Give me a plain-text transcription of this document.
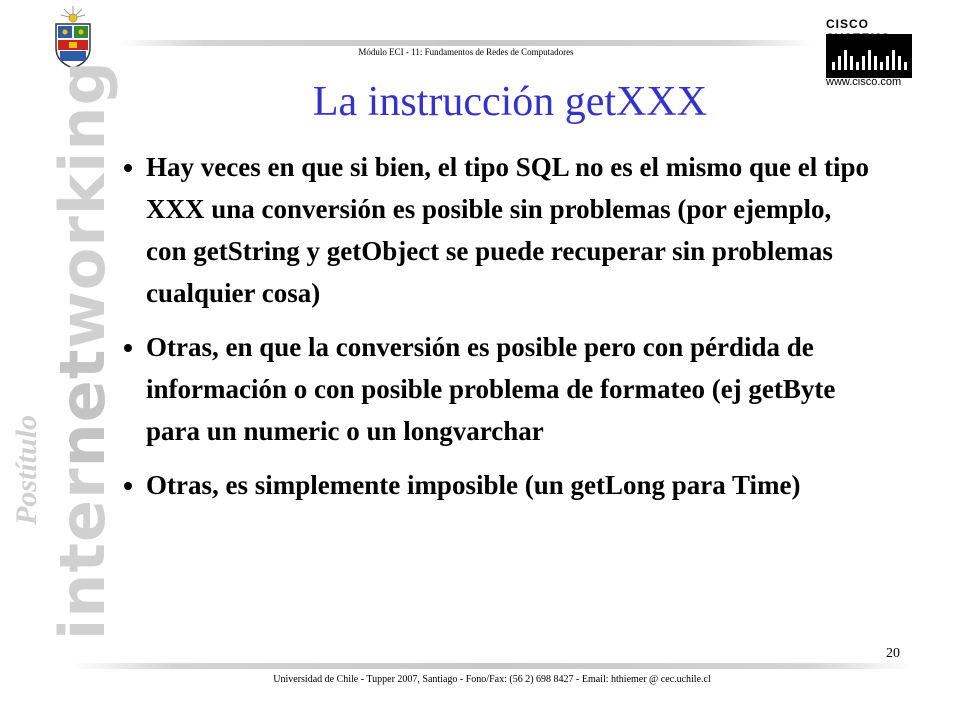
Módulo ECI - 11: Fundamentos de Redes de Computadores
CISCO
www.cisco.com
internetworking
Postítulo
La instrucción getXXX
Hay veces en que si bien, el tipo SQL no es el mismo que el tipo XXX una conversión es posible sin problemas (por ejemplo, con getString y getObject se puede recuperar sin problemas cualquier cosa)
Otras, en que la conversión es posible pero con pérdida de información o con posible problema de formateo (ej getByte para un numeric o un longvarchar
Otras, es simplemente imposible (un getLong para Time)
20
Universidad de Chile - Tupper 2007, Santiago - Fono/Fax: (56 2) 698 8427 - Email: hthiemer @ cec.uchile.cl
